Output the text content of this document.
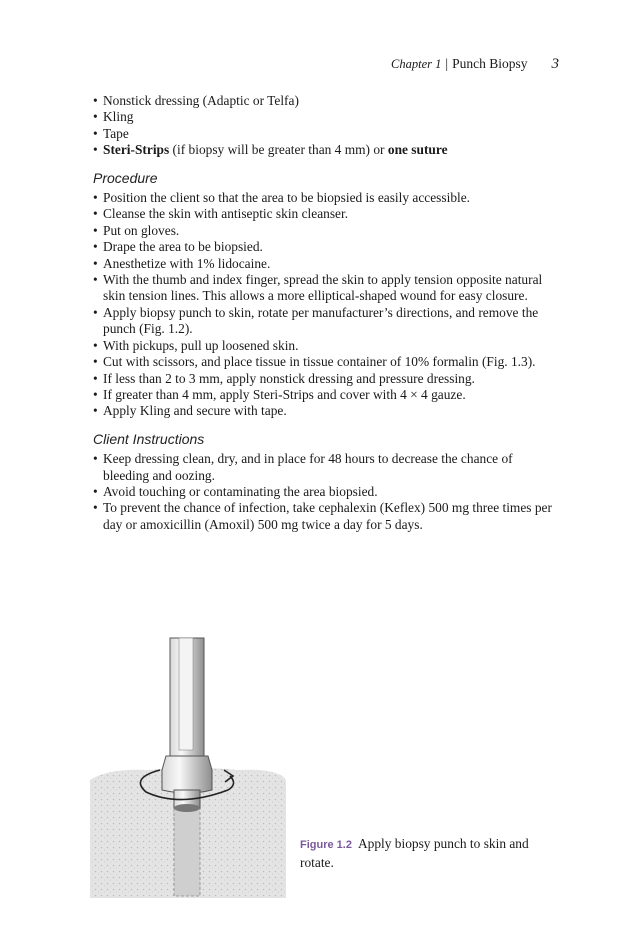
Chapter 1 | Punch Biopsy 3
• Nonstick dressing (Adaptic or Telfa)
• Kling
• Tape
• Steri-Strips (if biopsy will be greater than 4 mm) or one suture
Procedure
• Position the client so that the area to be biopsied is easily accessible.
• Cleanse the skin with antiseptic skin cleanser.
• Put on gloves.
• Drape the area to be biopsied.
• Anesthetize with 1% lidocaine.
• With the thumb and index finger, spread the skin to apply tension opposite natural skin tension lines. This allows a more elliptical-shaped wound for easy closure.
• Apply biopsy punch to skin, rotate per manufacturer’s directions, and remove the punch (Fig. 1.2).
• With pickups, pull up loosened skin.
• Cut with scissors, and place tissue in tissue container of 10% formalin (Fig. 1.3).
• If less than 2 to 3 mm, apply nonstick dressing and pressure dressing.
• If greater than 4 mm, apply Steri-Strips and cover with 4 × 4 gauze.
• Apply Kling and secure with tape.
Client Instructions
• Keep dressing clean, dry, and in place for 48 hours to decrease the chance of bleeding and oozing.
• Avoid touching or contaminating the area biopsied.
• To prevent the chance of infection, take cephalexin (Keflex) 500 mg three times per day or amoxicillin (Amoxil) 500 mg twice a day for 5 days.
Figure 1.2 Apply biopsy punch to skin and rotate.
